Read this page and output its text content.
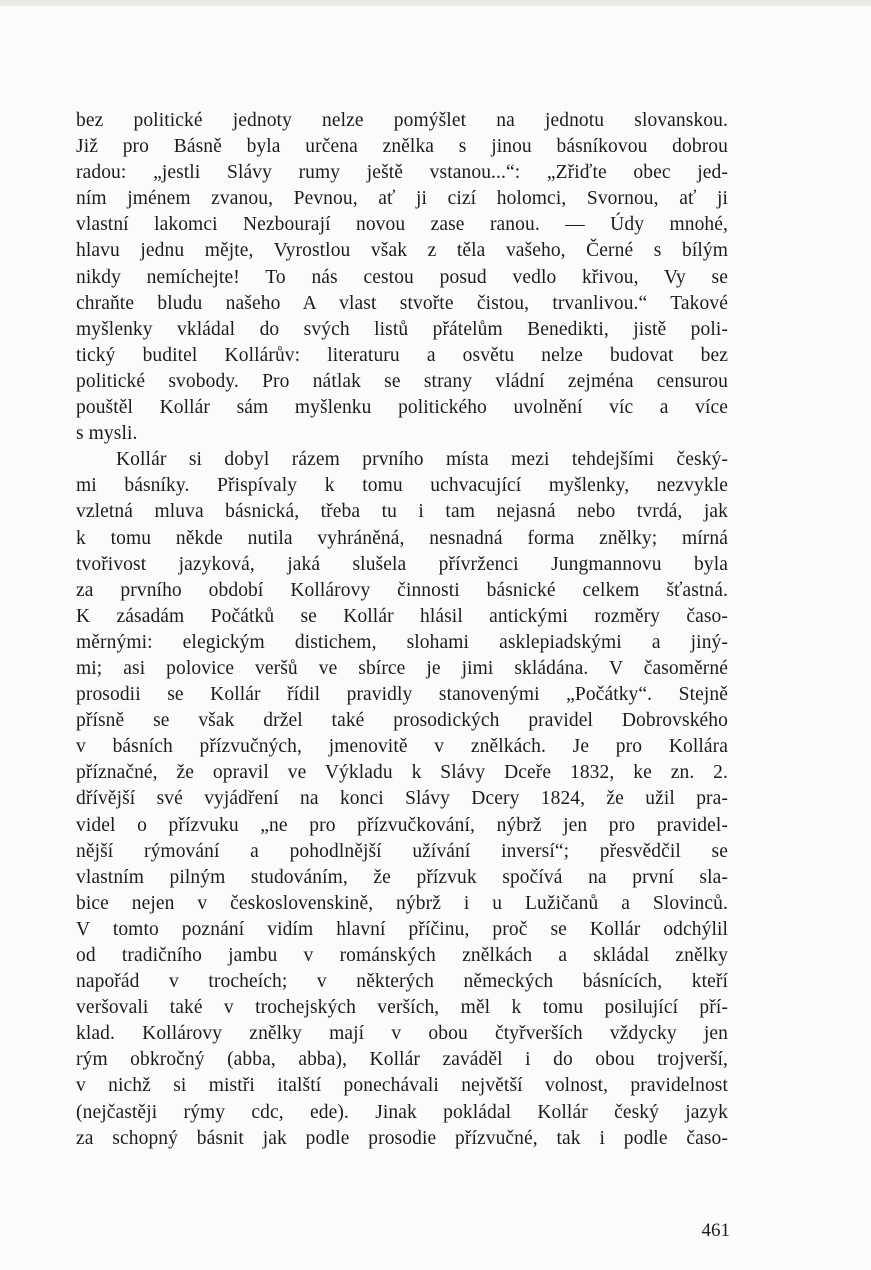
bez politické jednoty nelze pomýšlet na jednotu slovanskou.
Již pro Básně byla určena znělka s jinou básníkovou dobrou
radou: „jestli Slávy rumy ještě vstanou...“: „Zřiďte obec jed-
ním jménem zvanou, Pevnou, ať ji cizí holomci, Svornou, ať ji
vlastní lakomci Nezbourají novou zase ranou. — Údy mnohé,
hlavu jednu mějte, Vyrostlou však z těla vašeho, Černé s bílým
nikdy nemíchejte! To nás cestou posud vedlo křivou, Vy se
chraňte bludu našeho A vlast stvořte čistou, trvanlivou.“ Takové
myšlenky vkládal do svých listů přátelům Benedikti, jistě poli-
tický buditel Kollárův: literaturu a osvětu nelze budovat bez
politické svobody. Pro nátlak se strany vládní zejména censurou
pouštěl Kollár sám myšlenku politického uvolnění víc a více
s mysli.
Kollár si dobyl rázem prvního místa mezi tehdejšími český-
mi básníky. Přispívaly k tomu uchvacující myšlenky, nezvykle
vzletná mluva básnická, třeba tu i tam nejasná nebo tvrdá, jak
k tomu někde nutila vyhráněná, nesnadná forma znělky; mírná
tvořivost jazyková, jaká slušela přívrženci Jungmannovu byla
za prvního období Kollárovy činnosti básnické celkem šťastná.
K zásadám Počátků se Kollár hlásil antickými rozměry časo-
měrnými: elegickým distichem, slohami asklepiadskými a jiný-
mi; asi polovice veršů ve sbírce je jimi skládána. V časoměrné
prosodii se Kollár řídil pravidly stanovenými „Počátky“. Stejně
přísně se však držel také prosodických pravidel Dobrovského
v básních přízvučných, jmenovitě v znělkách. Je pro Kollára
příznačné, že opravil ve Výkladu k Slávy Dceře 1832, ke zn. 2.
dřívější své vyjádření na konci Slávy Dcery 1824, že užil pra-
videl o přízvuku „ne pro přízvučkování, nýbrž jen pro pravidel-
nější rýmování a pohodlnější užívání inversí“; přesvědčil se
vlastním pilným studováním, že přízvuk spočívá na první sla-
bice nejen v československině, nýbrž i u Lužičanů a Slovinců.
V tomto poznání vidím hlavní příčinu, proč se Kollár odchýlil
od tradičního jambu v románských znělkách a skládal znělky
napořád v trocheích; v některých německých básnících, kteří
veršovali také v trochejských verších, měl k tomu posilující pří-
klad. Kollárovy znělky mají v obou čtyřverších vždycky jen
rým obkročný (abba, abba), Kollár zaváděl i do obou trojverší,
v nichž si mistři italští ponechávali největší volnost, pravidelnost
(nejčastěji rýmy cdc, ede). Jinak pokládal Kollár český jazyk
za schopný básnit jak podle prosodie přízvučné, tak i podle časo-
461
